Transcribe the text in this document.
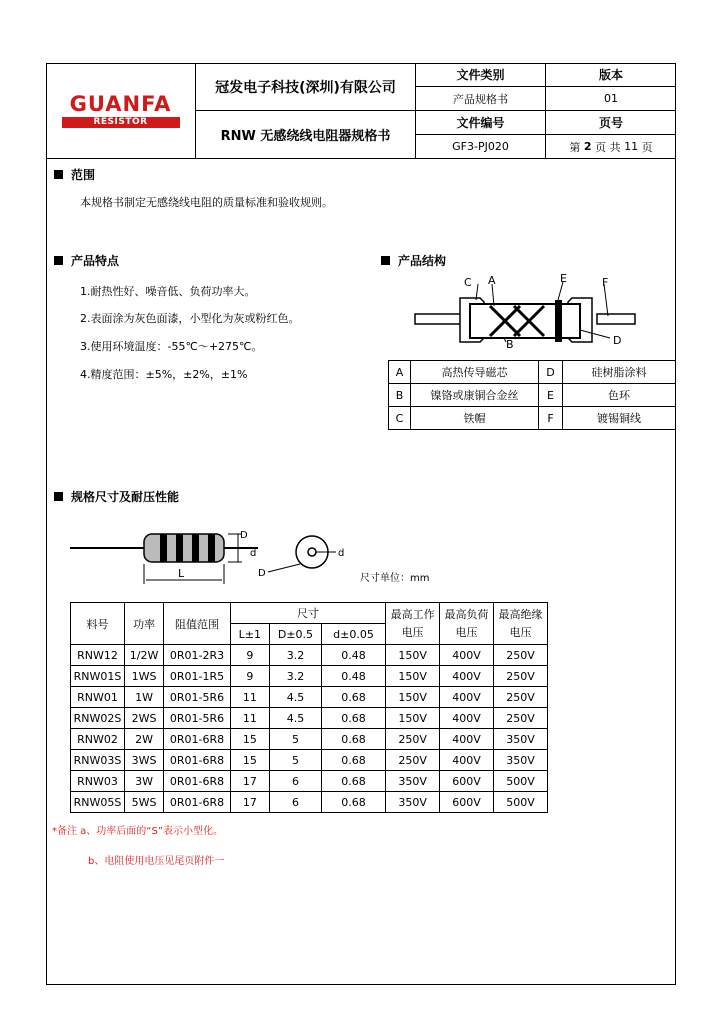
GUANFA
RESISTOR
冠发电子科技(深圳)有限公司
RNW 无感绕线电阻器规格书
文件类别	版本
产品规格书	01
文件编号	页号
GF3-PJ020	第
2
页 共
11
页
范围
本规格书制定无感绕线电阻的质量标准和验收规则。
产品特点
1.耐热性好、噪音低、负荷功率大。
2.表面涂为灰色面漆，小型化为灰或粉红色。
3.使用环境温度：-55℃～+275℃。
4.精度范围：±5%，±2%，±1%
产品结构
C A	E	F
B	D
A	高热传导磁芯	D	硅树脂涂料
B	镍铬或康铜合金丝	E	色环
C	铁帽	F	镀锡铜线
规格尺寸及耐压性能
L
D
d	d
D	尺寸单位：mm
料号	功率	阻值范围	尺寸			最高工作电压	最高负荷电压	最高绝缘电压
			L±1	D±0.5	d±0.05			
RNW12	1/2W	0R01-2R3	9	3.2	0.48	150V	400V	250V
RNW01S	1WS	0R01-1R5	9	3.2	0.48	150V	400V	250V
RNW01	1W	0R01-5R6	11	4.5	0.68	150V	400V	250V
RNW02S	2WS	0R01-5R6	11	4.5	0.68	150V	400V	250V
RNW02	2W	0R01-6R8	15	5	0.68	250V	400V	350V
RNW03S	3WS	0R01-6R8	15	5	0.68	250V	400V	350V
RNW03	3W	0R01-6R8	17	6	0.68	350V	600V	500V
RNW05S	5WS	0R01-6R8	17	6	0.68	350V	600V	500V
*备注 a、功率后面的“S”表示小型化。
b、电阻使用电压见尾页附件一
